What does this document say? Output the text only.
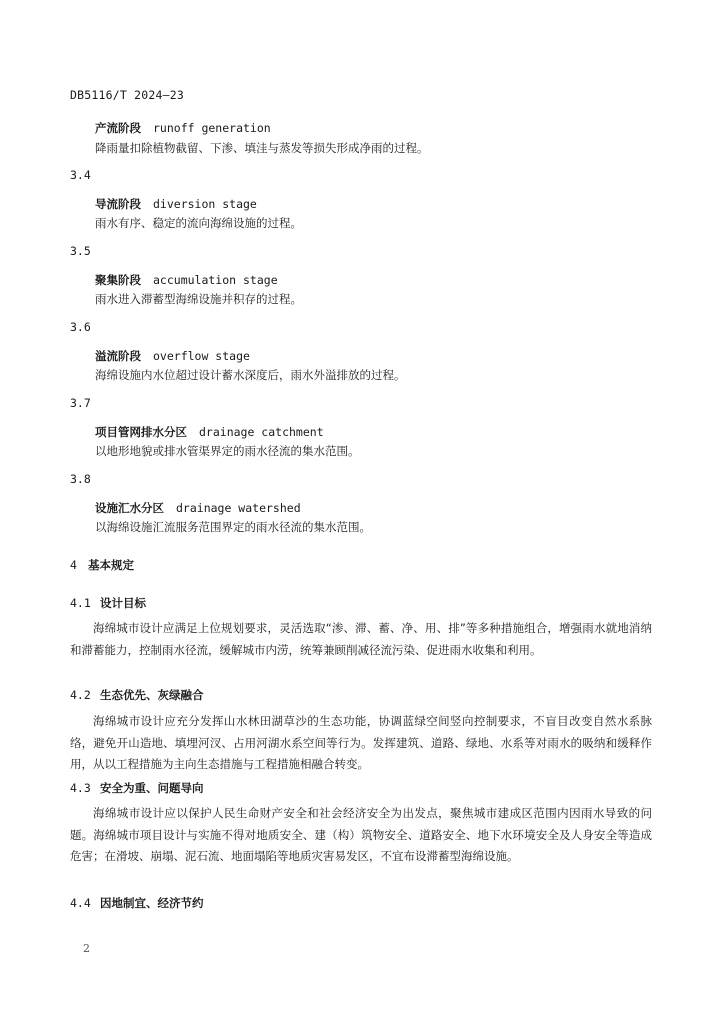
DB5116/T 2024—23
产流阶段 runoff generation
降雨量扣除植物截留、下渗、填洼与蒸发等损失形成净雨的过程。
3.4
导流阶段 diversion stage
雨水有序、稳定的流向海绵设施的过程。
3.5
聚集阶段 accumulation stage
雨水进入滞蓄型海绵设施并积存的过程。
3.6
溢流阶段 overflow stage
海绵设施内水位超过设计蓄水深度后，雨水外溢排放的过程。
3.7
项目管网排水分区 drainage catchment
以地形地貌或排水管渠界定的雨水径流的集水范围。
3.8
设施汇水分区 drainage watershed
以海绵设施汇流服务范围界定的雨水径流的集水范围。
4 基本规定
4.1 设计目标
海绵城市设计应满足上位规划要求，灵活选取“渗、滞、蓄、净、用、排”等多种措施组合，增强雨水就地消纳和滞蓄能力，控制雨水径流，缓解城市内涝，统筹兼顾削减径流污染、促进雨水收集和利用。
4.2 生态优先、灰绿融合
海绵城市设计应充分发挥山水林田湖草沙的生态功能，协调蓝绿空间竖向控制要求，不盲目改变自然水系脉络，避免开山造地、填埋河汊、占用河湖水系空间等行为。发挥建筑、道路、绿地、水系等对雨水的吸纳和缓释作用，从以工程措施为主向生态措施与工程措施相融合转变。
4.3 安全为重、问题导向
海绵城市设计应以保护人民生命财产安全和社会经济安全为出发点，聚焦城市建成区范围内因雨水导致的问题。海绵城市项目设计与实施不得对地质安全、建（构）筑物安全、道路安全、地下水环境安全及人身安全等造成危害；在滑坡、崩塌、泥石流、地面塌陷等地质灾害易发区，不宜布设滞蓄型海绵设施。
4.4 因地制宜、经济节约
2
